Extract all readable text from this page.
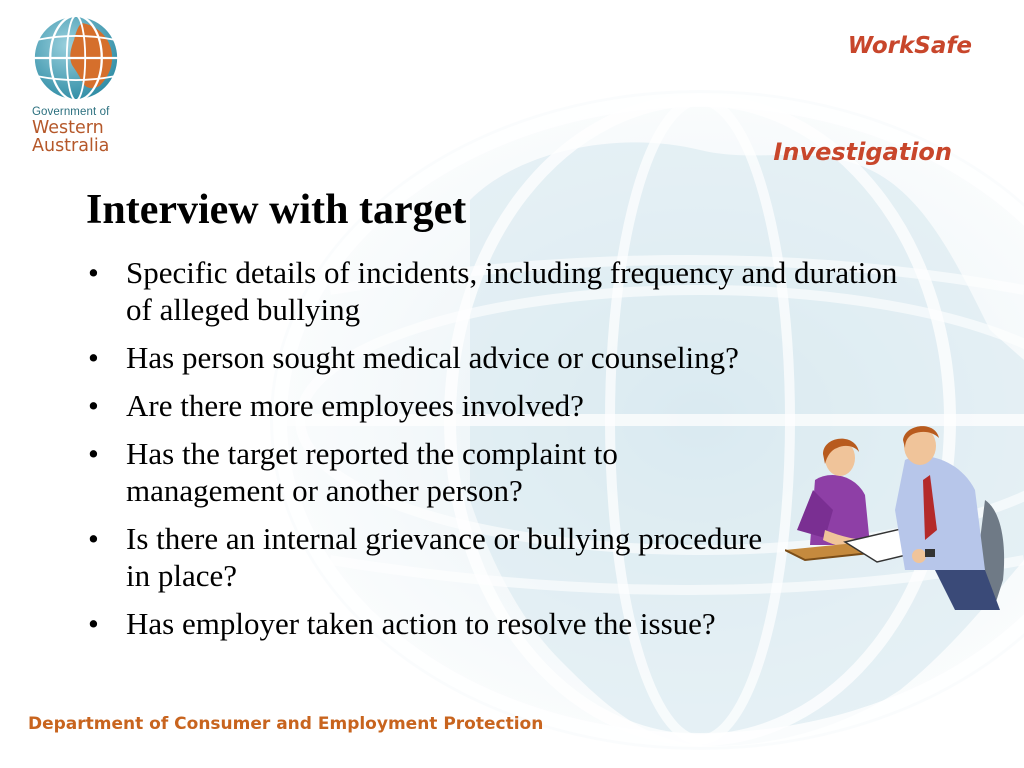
Government of
Western
Australia
WorkSafe
Investigation
Interview with target
• Specific details of incidents, including frequency and duration of alleged bullying
• Has person sought medical advice or counseling?
• Are there more employees involved?
• Has the target reported the complaint to management or another person?
• Is there an internal grievance or bullying procedure in place?
• Has employer taken action to resolve the issue?
Department of Consumer and Employment Protection
